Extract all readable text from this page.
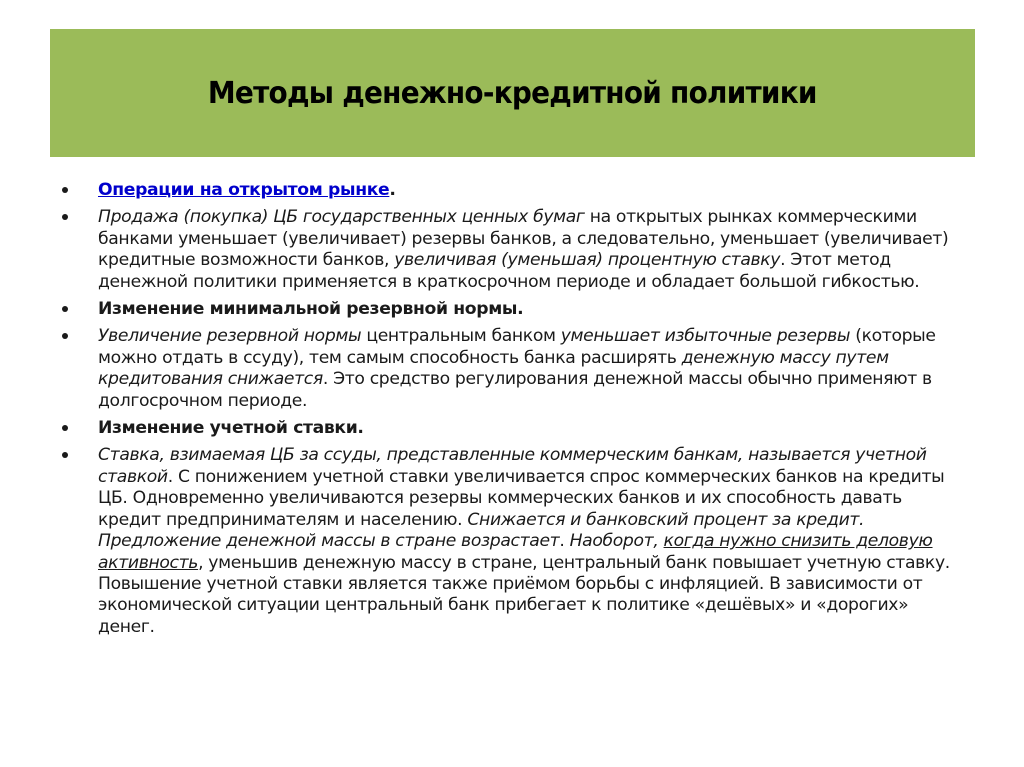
Методы денежно-кредитной политики
Операции на открытом рынке.
Продажа (покупка) ЦБ государственных ценных бумаг на открытых рынках коммерческими банками уменьшает (увеличивает) резервы банков, а следовательно, уменьшает (увеличивает) кредитные возможности банков, увеличивая (уменьшая) процентную ставку. Этот метод денежной политики применяется в краткосрочном периоде и обладает большой гибкостью.
Изменение минимальной резервной нормы.
Увеличение резервной нормы центральным банком уменьшает избыточные резервы (которые можно отдать в ссуду), тем самым способность банка расширять денежную массу путем кредитования снижается. Это средство регулирования денежной массы обычно применяют в долгосрочном периоде.
Изменение учетной ставки.
Ставка, взимаемая ЦБ за ссуды, представленные коммерческим банкам, называется учетной ставкой. С понижением учетной ставки увеличивается спрос коммерческих банков на кредиты ЦБ. Одновременно увеличиваются резервы коммерческих банков и их способность давать кредит предпринимателям и населению. Снижается и банковский процент за кредит. Предложение денежной массы в стране возрастает. Наоборот, когда нужно снизить деловую активность, уменьшив денежную массу в стране, центральный банк повышает учетную ставку. Повышение учетной ставки является также приёмом борьбы с инфляцией. В зависимости от экономической ситуации центральный банк прибегает к политике «дешёвых» и «дорогих» денег.
